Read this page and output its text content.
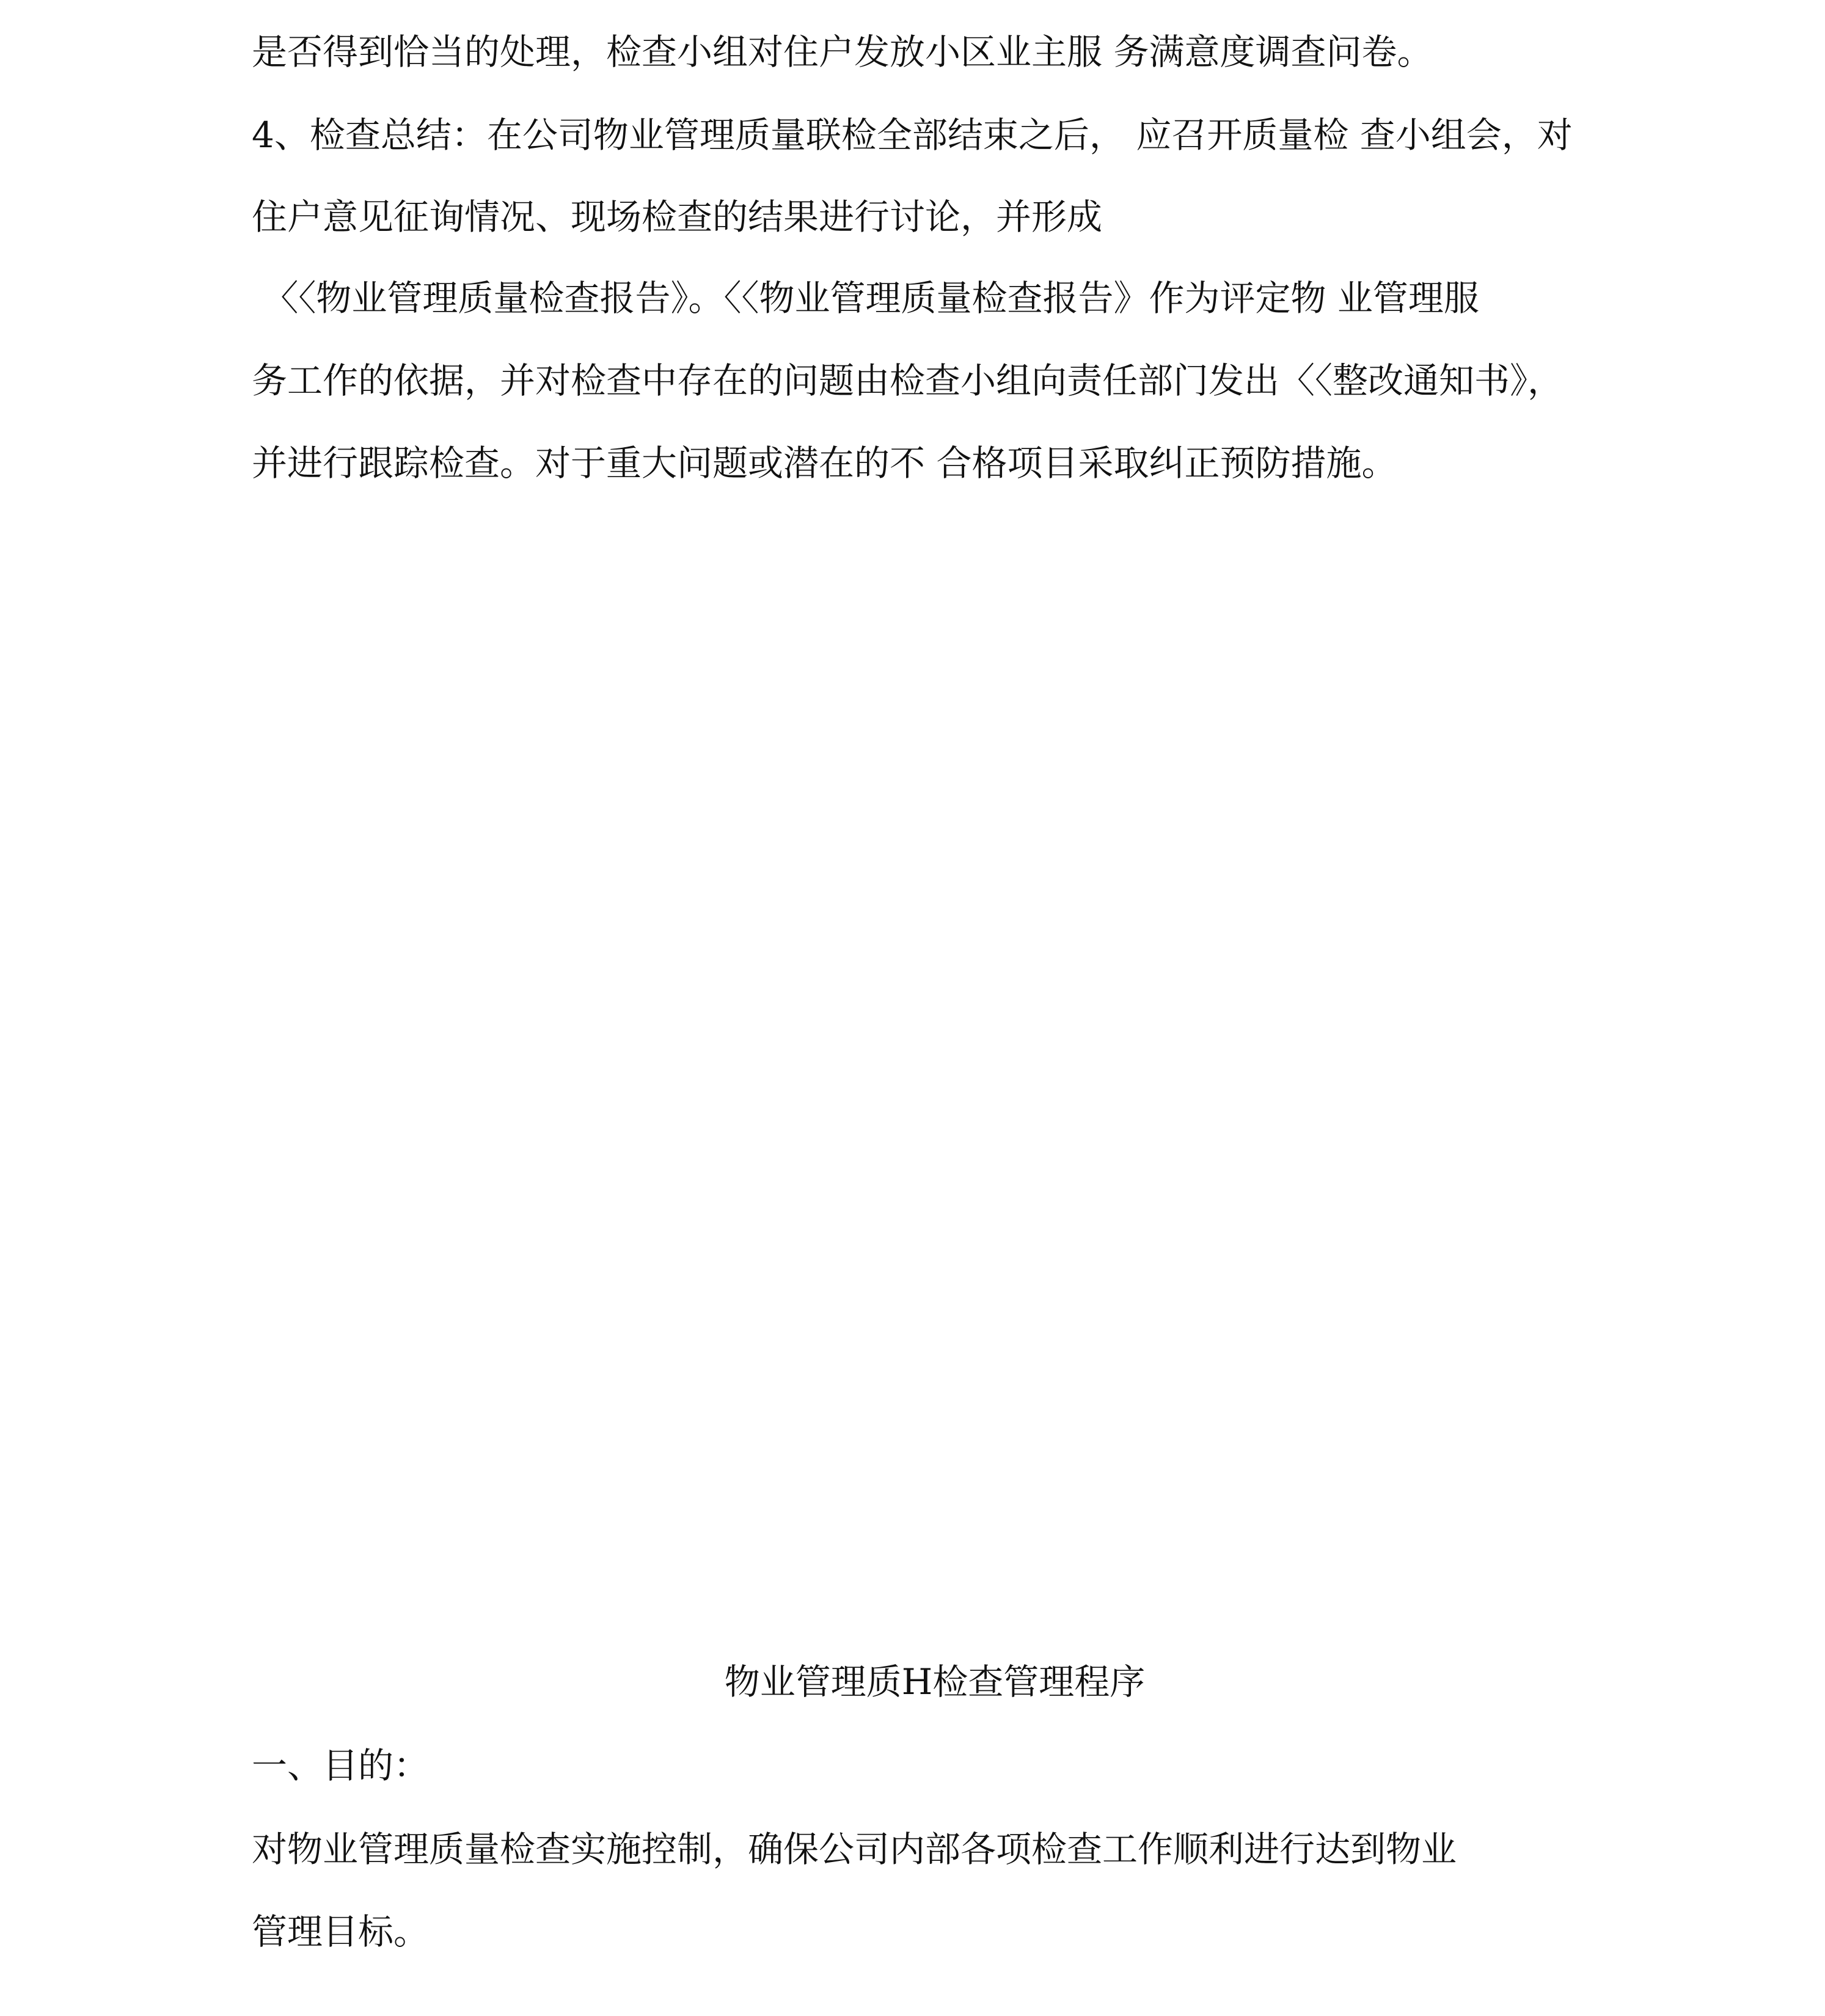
是否得到恰当的处理，检查小组对住户发放小区业主服 务满意度调查问卷。

4、检查总结：在公司物业管理质量联检全部结束之后， 应召开质量检 查小组会，对

住户意见征询情况、现场检查的结果进行讨论，并形成

〈〈物业管理质量检查报告》。〈〈物业管理质量检查报告》作为评定物 业管理服

务工作的依据，并对检查中存在的问题由检查小组向责任部门发出〈〈整改通知书》，

并进行跟踪检查。对于重大问题或潜在的不 合格项目采取纠正预防措施。

物业管理质H检查管理程序

一、目的：

对物业管理质量检查实施控制，确保公司内部各项检查工作顺利进行达到物业

管理目标。
